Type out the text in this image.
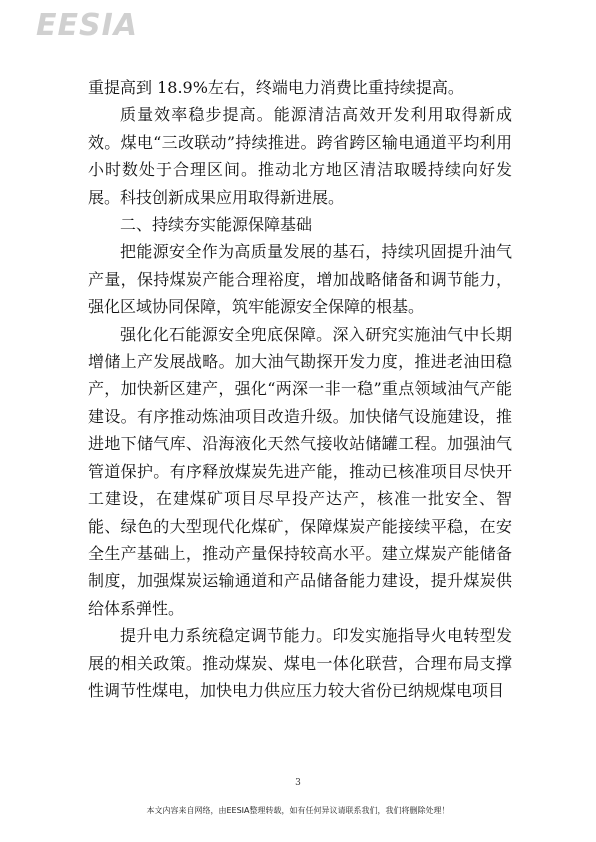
EESIA

重提高到 18.9%左右，终端电力消费比重持续提高。

质量效率稳步提高。能源清洁高效开发利用取得新成效。煤电“三改联动”持续推进。跨省跨区输电通道平均利用小时数处于合理区间。推动北方地区清洁取暖持续向好发展。科技创新成果应用取得新进展。

二、持续夯实能源保障基础

把能源安全作为高质量发展的基石，持续巩固提升油气产量，保持煤炭产能合理裕度，增加战略储备和调节能力，强化区域协同保障，筑牢能源安全保障的根基。

强化化石能源安全兜底保障。深入研究实施油气中长期增储上产发展战略。加大油气勘探开发力度，推进老油田稳产，加快新区建产，强化“两深一非一稳”重点领域油气产能建设。有序推动炼油项目改造升级。加快储气设施建设，推进地下储气库、沿海液化天然气接收站储罐工程。加强油气管道保护。有序释放煤炭先进产能，推动已核准项目尽快开工建设，在建煤矿项目尽早投产达产，核准一批安全、智能、绿色的大型现代化煤矿，保障煤炭产能接续平稳，在安全生产基础上，推动产量保持较高水平。建立煤炭产能储备制度，加强煤炭运输通道和产品储备能力建设，提升煤炭供给体系弹性。

提升电力系统稳定调节能力。印发实施指导火电转型发展的相关政策。推动煤炭、煤电一体化联营，合理布局支撑性调节性煤电，加快电力供应压力较大省份已纳规煤电项目

3
本文内容来自网络，由EESIA整理转载，如有任何异议请联系我们，我们将删除处理！
